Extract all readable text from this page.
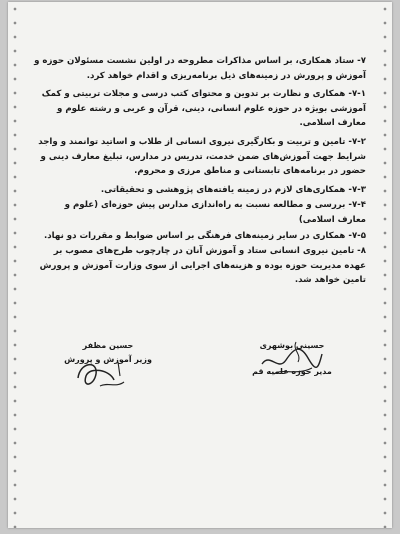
۷- ستاد همکاری، بر اساس مذاکرات مطروحه در اولین نشست مسئولان حوزه و آموزش و پرورش در زمینه‌های ذیل برنامه‌ریزی و اقدام خواهد کرد.

۷-۱- همکاری و نظارت بر تدوین و محتوای کتب درسی و مجلات تربیتی و کمک آموزشی بویژه در حوزه علوم انسانی، دینی، قرآن و عربی و رشته علوم و معارف اسلامی.

۷-۲- تامین و تربیت و بکارگیری نیروی انسانی از طلاب و اساتید توانمند و واجد شرایط جهت آموزش‌های ضمن خدمت، تدریس در مدارس، تبلیغ معارف دینی و حضور در برنامه‌های تابستانی و مناطق مرزی و محروم.

۷-۳- همکاری‌های لازم در زمینه یافته‌های پژوهشی و تحقیقاتی.

۷-۴- بررسی و مطالعه نسبت به راه‌اندازی مدارس پیش حوزه‌ای (علوم و معارف اسلامی)

۷-۵- همکاری در سایر زمینه‌های فرهنگی بر اساس ضوابط و مقررات دو نهاد.

۸- تامین نیروی انسانی ستاد و آموزش آنان در چارچوب طرح‌های مصوب بر عهده مدیریت حوزه بوده و هزینه‌های اجرایی از سوی وزارت آموزش و پرورش تامین خواهد شد.

حسینی بوشهری
مدیر حوزه علمیه قم
حسین مظفر
وزیر آموزش و پرورش
